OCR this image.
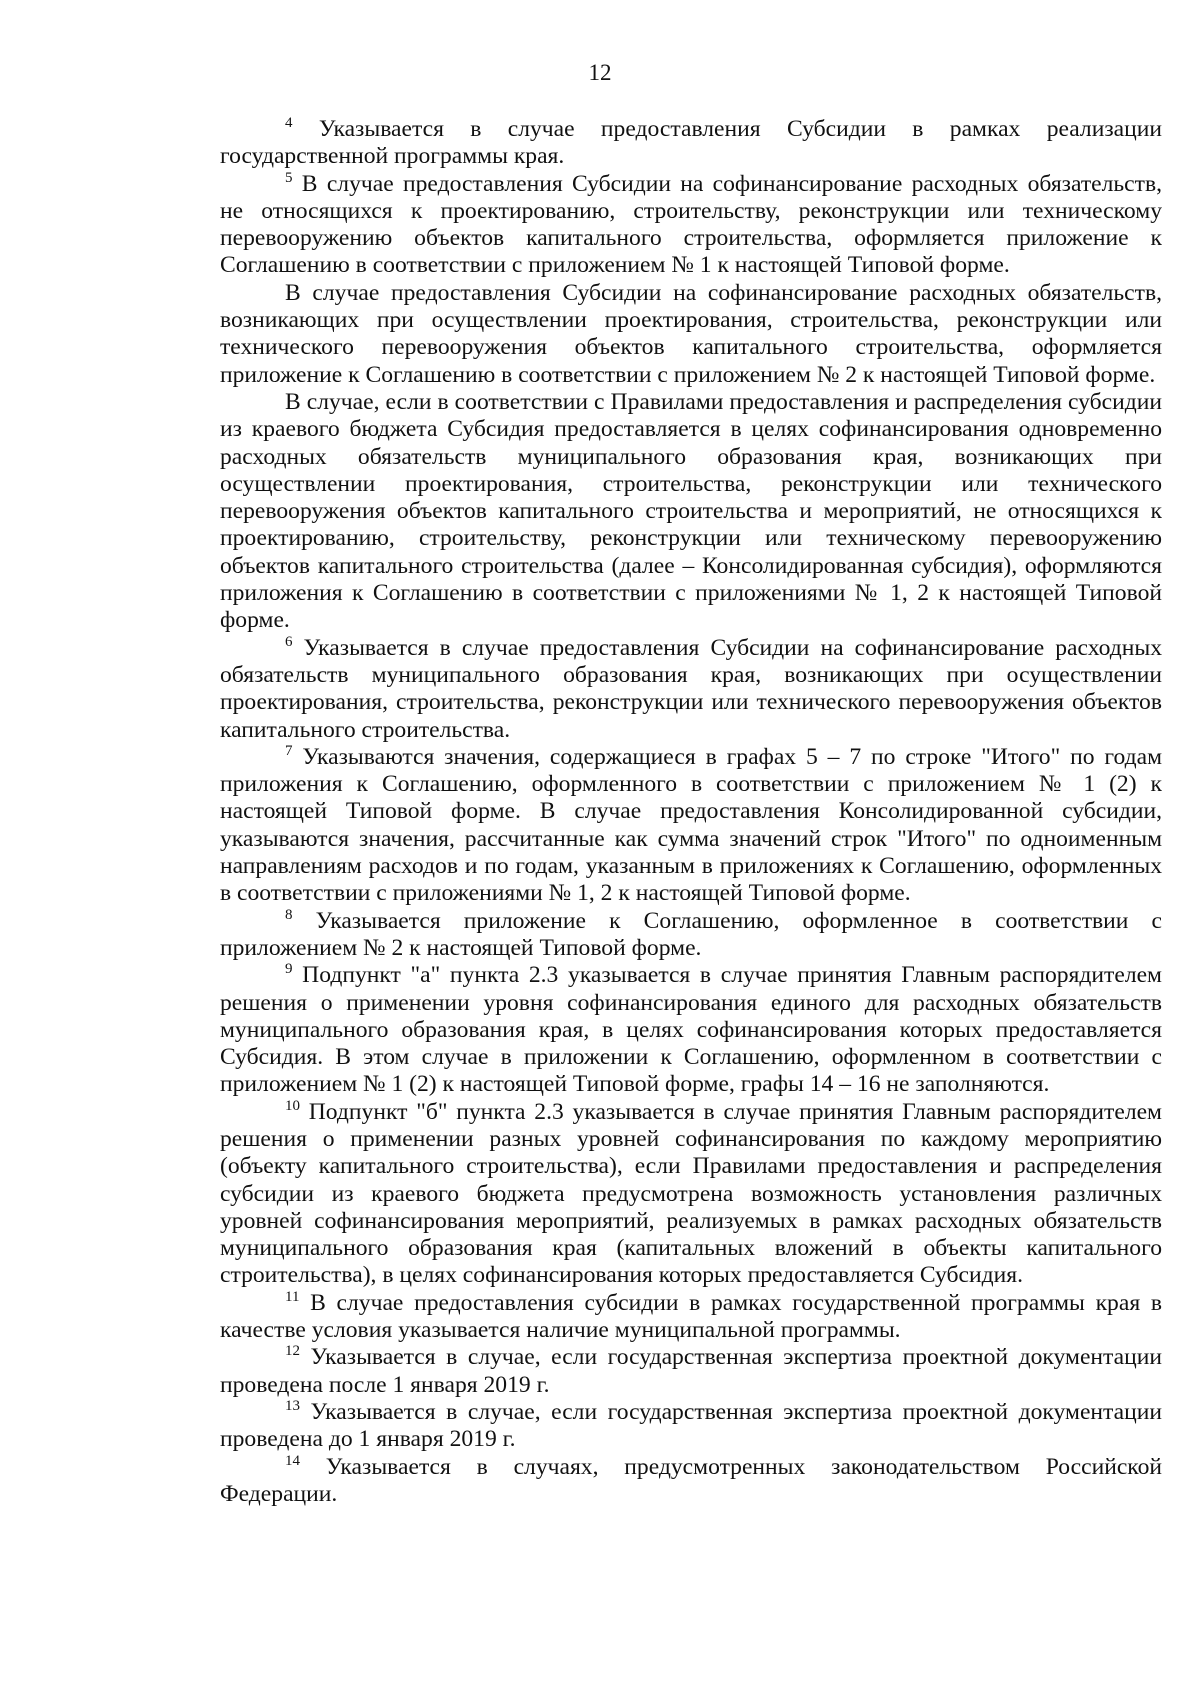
12

$^4$ Указывается в случае предоставления Субсидии в рамках реализации государственной программы края.

$^5$ В случае предоставления Субсидии на софинансирование расходных обязательств, не относящихся к проектированию, строительству, реконструкции или техническому перевооружению объектов капитального строительства, оформляется приложение к Соглашению в соответствии с приложением № 1 к настоящей Типовой форме.

В случае предоставления Субсидии на софинансирование расходных обязательств, возникающих при осуществлении проектирования, строительства, реконструкции или технического перевооружения объектов капитального строительства, оформляется приложение к Соглашению в соответствии с приложением № 2 к настоящей Типовой форме.

В случае, если в соответствии с Правилами предоставления и распределения субсидии из краевого бюджета Субсидия предоставляется в целях софинансирования одновременно расходных обязательств муниципального образования края, возникающих при осуществлении проектирования, строительства, реконструкции или технического перевооружения объектов капитального строительства и мероприятий, не относящихся к проектированию, строительству, реконструкции или техническому перевооружению объектов капитального строительства (далее – Консолидированная субсидия), оформляются приложения к Соглашению в соответствии с приложениями № 1, 2 к настоящей Типовой форме.

$^6$ Указывается в случае предоставления Субсидии на софинансирование расходных обязательств муниципального образования края, возникающих при осуществлении проектирования, строительства, реконструкции или технического перевооружения объектов капитального строительства.

$^7$ Указываются значения, содержащиеся в графах 5 – 7 по строке "Итого" по годам приложения к Соглашению, оформленного в соответствии с приложением № 1 (2) к настоящей Типовой форме. В случае предоставления Консолидированной субсидии, указываются значения, рассчитанные как сумма значений строк "Итого" по одноименным направлениям расходов и по годам, указанным в приложениях к Соглашению, оформленных в соответствии с приложениями № 1, 2 к настоящей Типовой форме.

$^8$ Указывается приложение к Соглашению, оформленное в соответствии с приложением № 2 к настоящей Типовой форме.

$^9$ Подпункт "а" пункта 2.3 указывается в случае принятия Главным распорядителем решения о применении уровня софинансирования единого для расходных обязательств муниципального образования края, в целях софинансирования которых предоставляется Субсидия. В этом случае в приложении к Соглашению, оформленном в соответствии с приложением № 1 (2) к настоящей Типовой форме, графы 14 – 16 не заполняются.

$^{10}$ Подпункт "б" пункта 2.3 указывается в случае принятия Главным распорядителем решения о применении разных уровней софинансирования по каждому мероприятию (объекту капитального строительства), если Правилами предоставления и распределения субсидии из краевого бюджета предусмотрена возможность установления различных уровней софинансирования мероприятий, реализуемых в рамках расходных обязательств муниципального образования края (капитальных вложений в объекты капитального строительства), в целях софинансирования которых предоставляется Субсидия.

$^{11}$ В случае предоставления субсидии в рамках государственной программы края в качестве условия указывается наличие муниципальной программы.

$^{12}$ Указывается в случае, если государственная экспертиза проектной документации проведена после 1 января 2019 г.

$^{13}$ Указывается в случае, если государственная экспертиза проектной документации проведена до 1 января 2019 г.

$^{14}$ Указывается в случаях, предусмотренных законодательством Российской Федерации.
